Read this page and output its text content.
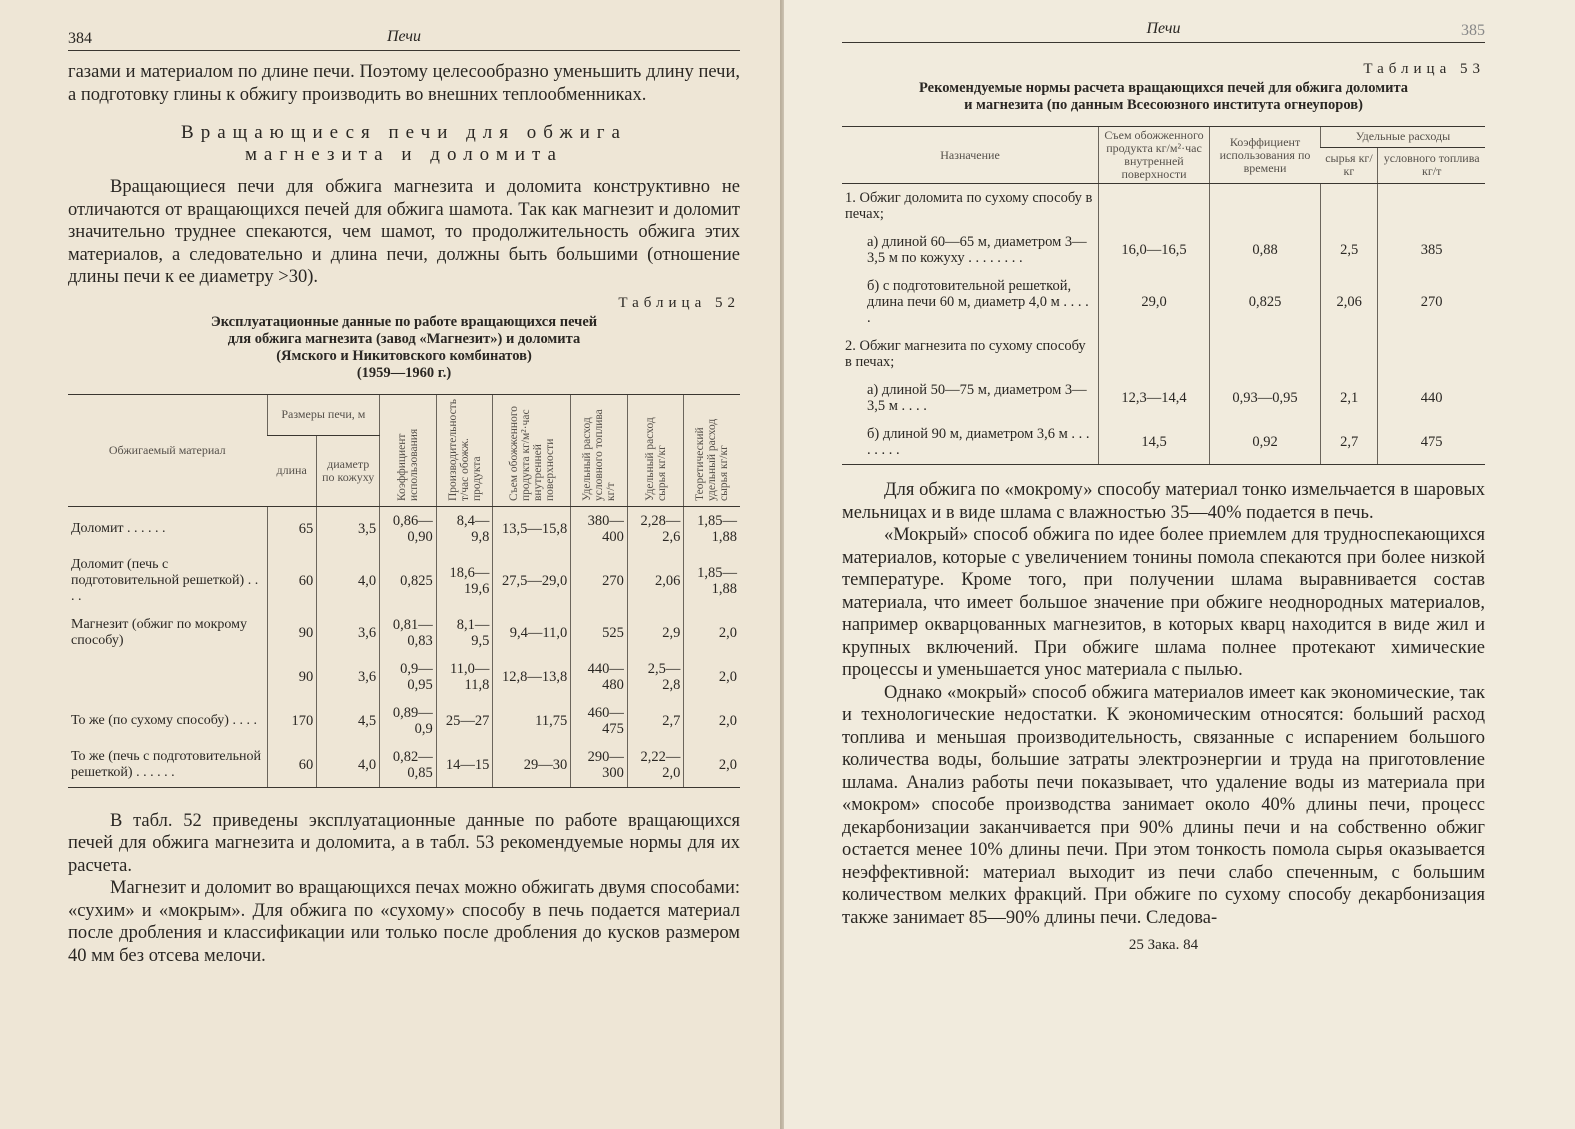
384	Печи

газами и материалом по длине печи. Поэтому целесообразно уменьшить длину печи, а подготовку глины к обжигу производить во внешних теплообменниках.

Вращающиеся печи для обжига
магнезита и доломита

Вращающиеся печи для обжига магнезита и доломита конструктивно не отличаются от вращающихся печей для обжига шамота. Так как магнезит и доломит значительно труднее спекаются, чем шамот, то продолжительность обжига этих материалов, а следовательно и длина печи, должны быть большими (отношение длины печи к ее диаметру >30).

Таблица 52
Эксплуатационные данные по работе вращающихся печей
для обжига магнезита (завод «Магнезит») и доломита
(Ямского и Никитовского комбинатов)
(1959—1960 г.)
Обжигаемый материал	Размеры печи, м		Коэффициент использования	Производительность т/час обожж. продукта	Съем обожженного продукта кг/м²·час внутренней поверхности	Удельный расход условного топлива кг/т	Удельный расход сырья кг/кг	Теоретический удельный расход сырья кг/кг
	длина	диаметр по кожуху						
Доломит . . . . . .	65	3,5	0,86—0,90	8,4—9,8	13,5—15,8	380—400	2,28—2,6	1,85—1,88
Доломит (печь с подготовительной решеткой) . . . .	60	4,0	0,825	18,6—19,6	27,5—29,0	270	2,06	1,85—1,88
Магнезит (обжиг по мокрому способу)	90	3,6	0,81—0,83	8,1—9,5	9,4—11,0	525	2,9	2,0
	90	3,6	0,9—0,95	11,0—11,8	12,8—13,8	440—480	2,5—2,8	2,0
То же (по сухому способу) . . . .	170	4,5	0,89—0,9	25—27	11,75	460—475	2,7	2,0
То же (печь с подготовительной решеткой) . . . . . .	60	4,0	0,82—0,85	14—15	29—30	290—300	2,22—2,0	2,0

В табл. 52 приведены эксплуатационные данные по работе вращающихся печей для обжига магнезита и доломита, а в табл. 53 рекомендуемые нормы для их расчета.

Магнезит и доломит во вращающихся печах можно обжигать двумя способами: «сухим» и «мокрым». Для обжига по «сухому» способу в печь подается материал после дробления и классификации или только после дробления до кусков размером 40 мм без отсева мелочи.

Печи	385
Таблица 53
Рекомендуемые нормы расчета вращающихся печей для обжига доломита
и магнезита (по данным Всесоюзного института огнеупоров)
Назначение	Съем обожженного продукта кг/м²·час внутренней поверхности	Коэффициент использования по времени	Удельные расходы	
			сырья кг/кг	условного топлива кг/т
1. Обжиг доломита по сухому способу в печах;				

а) длиной 60—65 м, диаметром 3—3,5 м по кожуху . . . . . . . .	16,0—16,5	0,88	2,5	385

б) с подготовительной решеткой, длина печи 60 м, диаметр 4,0 м . . . . .	29,0	0,825	2,06	270
2. Обжиг магнезита по сухому способу в печах;				

а) длиной 50—75 м, диаметром 3—3,5 м . . . .	12,3—14,4	0,93—0,95	2,1	440

б) длиной 90 м, диаметром 3,6 м . . . . . . . .	14,5	0,92	2,7	475

Для обжига по «мокрому» способу материал тонко измельчается в шаровых мельницах и в виде шлама с влажностью 35—40% подается в печь.

«Мокрый» способ обжига по идее более приемлем для трудноспекающихся материалов, которые с увеличением тонины помола спекаются при более низкой температуре. Кроме того, при получении шлама выравнивается состав материала, что имеет большое значение при обжиге неоднородных материалов, например окварцованных магнезитов, в которых кварц находится в виде жил и крупных включений. При обжиге шлама полнее протекают химические процессы и уменьшается унос материала с пылью.

Однако «мокрый» способ обжига материалов имеет как экономические, так и технологические недостатки. К экономическим относятся: больший расход топлива и меньшая производительность, связанные с испарением большого количества воды, большие затраты электроэнергии и труда на приготовление шлама. Анализ работы печи показывает, что удаление воды из материала при «мокром» способе производства занимает около 40% длины печи, процесс декарбонизации заканчивается при 90% длины печи и на собственно обжиг остается менее 10% длины печи. При этом тонкость помола сырья оказывается неэффективной: материал выходит из печи слабо спеченным, с большим количеством мелких фракций. При обжиге по сухому способу декарбонизация также занимает 85—90% длины печи. Следова-

25 Зака. 84
